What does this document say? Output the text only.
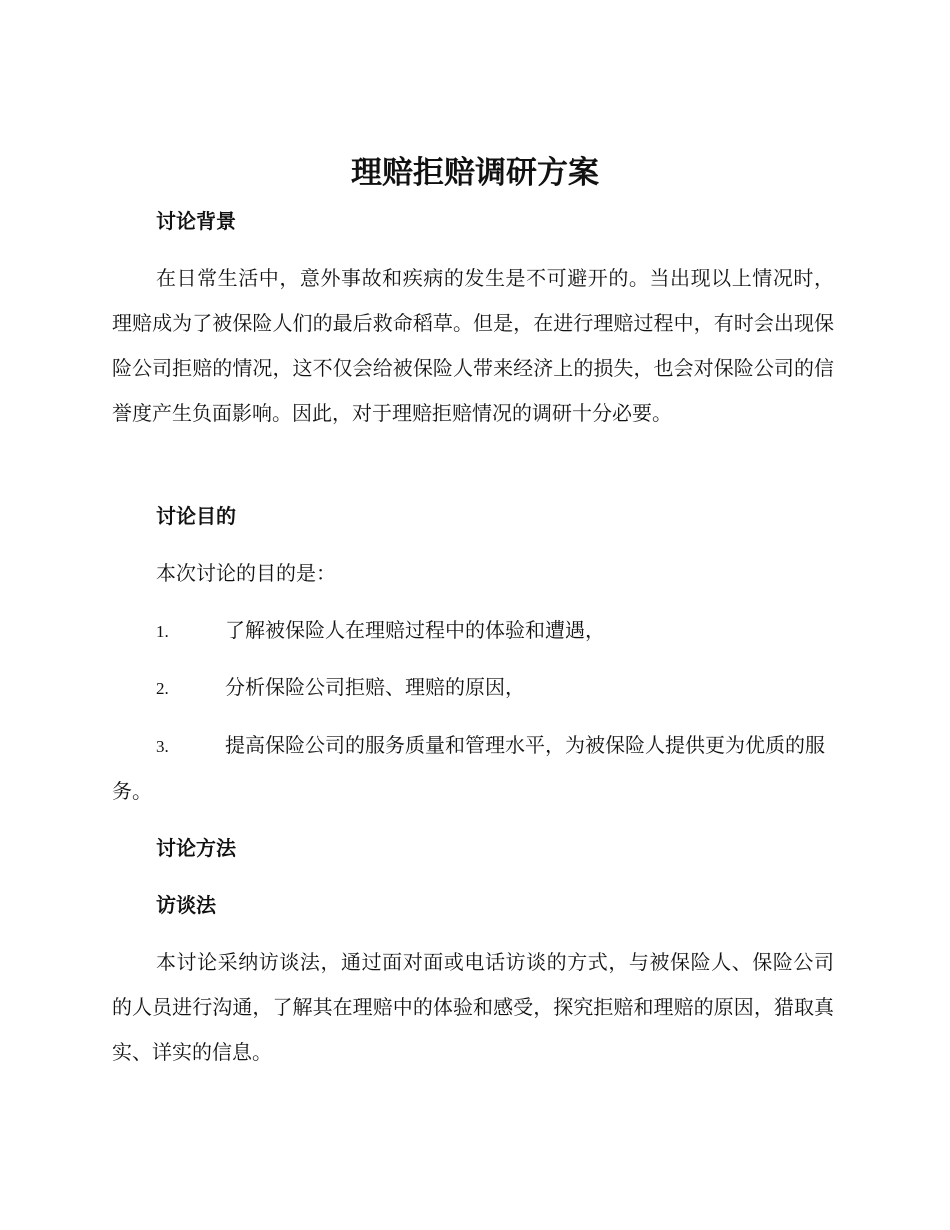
理赔拒赔调研方案
讨论背景

在日常生活中，意外事故和疾病的发生是不可避开的。当出现以上情况时，理赔成为了被保险人们的最后救命稻草。但是，在进行理赔过程中，有时会出现保险公司拒赔的情况，这不仅会给被保险人带来经济上的损失，也会对保险公司的信誉度产生负面影响。因此，对于理赔拒赔情况的调研十分必要。

讨论目的
本次讨论的目的是：

1.	了解被保险人在理赔过程中的体验和遭遇，

2.	分析保险公司拒赔、理赔的原因，

3.	提高保险公司的服务质量和管理水平，为被保险人提供更为优质的服务。

讨论方法
访谈法

本讨论采纳访谈法，通过面对面或电话访谈的方式，与被保险人、保险公司的人员进行沟通，了解其在理赔中的体验和感受，探究拒赔和理赔的原因，猎取真实、详实的信息。
